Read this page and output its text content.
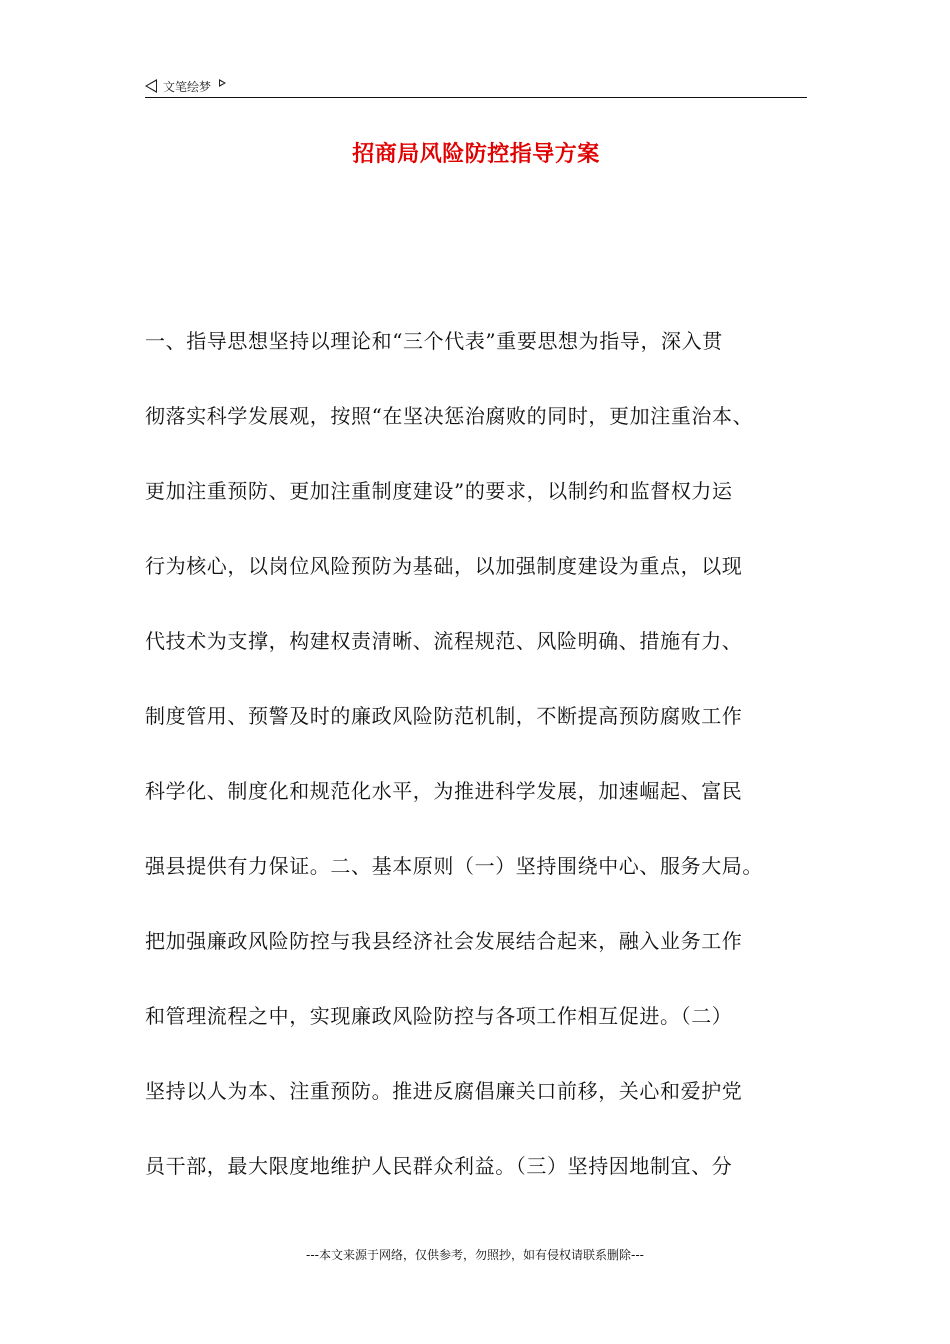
文笔绘梦
招商局风险防控指导方案
一、指导思想坚持以理论和“三个代表”重要思想为指导，深入贯
彻落实科学发展观，按照“在坚决惩治腐败的同时，更加注重治本、
更加注重预防、更加注重制度建设”的要求，以制约和监督权力运
行为核心，以岗位风险预防为基础，以加强制度建设为重点，以现
代技术为支撑，构建权责清晰、流程规范、风险明确、措施有力、
制度管用、预警及时的廉政风险防范机制，不断提高预防腐败工作
科学化、制度化和规范化水平，为推进科学发展，加速崛起、富民
强县提供有力保证。二、基本原则（一）坚持围绕中心、服务大局。
把加强廉政风险防控与我县经济社会发展结合起来，融入业务工作
和管理流程之中，实现廉政风险防控与各项工作相互促进。（二）
坚持以人为本、注重预防。推进反腐倡廉关口前移，关心和爱护党
员干部，最大限度地维护人民群众利益。（三）坚持因地制宜、分
---本文来源于网络，仅供参考，勿照抄，如有侵权请联系删除---
